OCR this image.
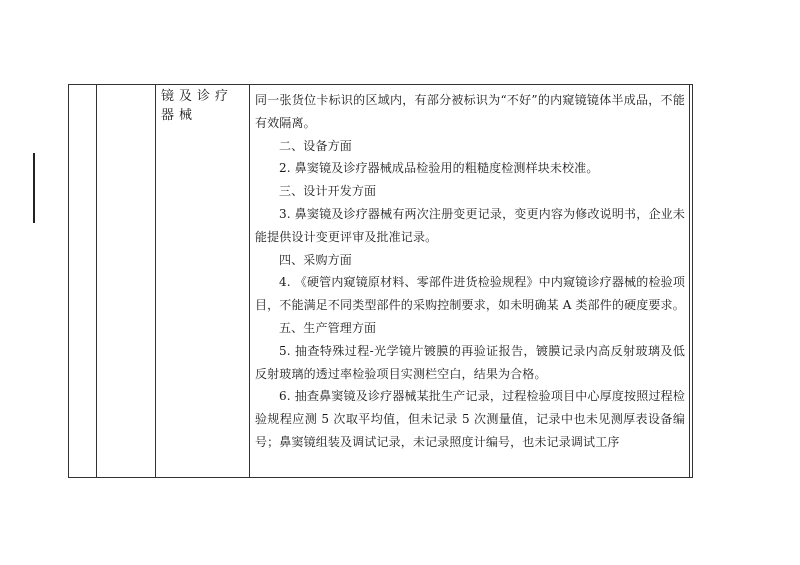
镜及诊疗器械

同一张货位卡标识的区域内，有部分被标识为“不好”的内窥镜镜体半成品，不能有效隔离。

二、设备方面

2. 鼻窦镜及诊疗器械成品检验用的粗糙度检测样块未校准。

三、设计开发方面

3. 鼻窦镜及诊疗器械有两次注册变更记录，变更内容为修改说明书，企业未能提供设计变更评审及批准记录。

四、采购方面

4. 《硬管内窥镜原材料、零部件进货检验规程》中内窥镜诊疗器械的检验项目，不能满足不同类型部件的采购控制要求，如未明确某 A 类部件的硬度要求。

五、生产管理方面

5. 抽查特殊过程-光学镜片镀膜的再验证报告，镀膜记录内高反射玻璃及低反射玻璃的透过率检验项目实测栏空白，结果为合格。

6. 抽查鼻窦镜及诊疗器械某批生产记录，过程检验项目中心厚度按照过程检验规程应测 5 次取平均值，但未记录 5 次测量值，记录中也未见测厚表设备编号；鼻窦镜组装及调试记录，未记录照度计编号，也未记录调试工序
